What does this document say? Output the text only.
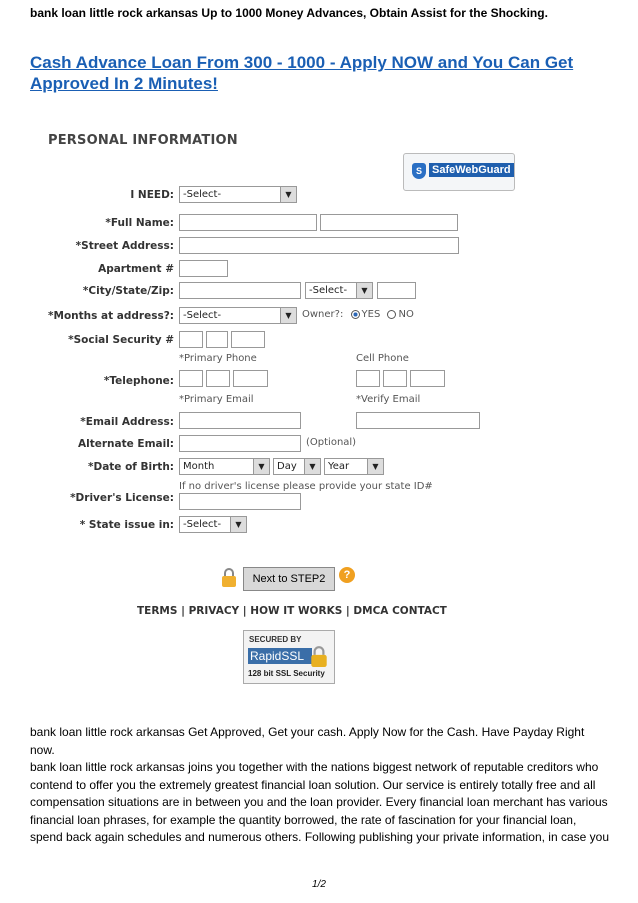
bank loan little rock arkansas Up to 1000 Money Advances, Obtain Assist for the Shocking.
Cash Advance Loan From 300 - 1000 - Apply NOW and You Can Get Approved In 2 Minutes!
PERSONAL INFORMATION
S SafeWebGuard
I NEED: -Select-	▼
*Full Name:
*Street Address:
Apartment #
*City/State/Zip:	-Select-	▼
*Months at address?: -Select-	▼	Owner?: YES NO
*Social Security #
*Primary Phone	Cell Phone
*Telephone:
*Primary Email	*Verify Email
*Email Address:
Alternate Email:	(Optional)
*Date of Birth: Month	▼	Day	▼	Year	▼
If no driver's license please provide your state ID#
*Driver's License:
* State issue in: -Select-	▼
Next to STEP2	?
TERMS | PRIVACY | HOW IT WORKS | DMCA CONTACT
SECURED BY
RapidSSL
128 bit SSL Security

bank loan little rock arkansas Get Approved, Get your cash. Apply Now for the Cash. Have Payday Right now.

bank loan little rock arkansas joins you together with the nations biggest network of reputable creditors who contend to offer you the extremely greatest financial loan solution. Our service is entirely totally free and all compensation situations are in between you and the loan provider. Every financial loan merchant has various financial loan phrases, for example the quantity borrowed, the rate of fascination for your financial loan, spend back again schedules and numerous others. Following publishing your private information, in case you

1/2
